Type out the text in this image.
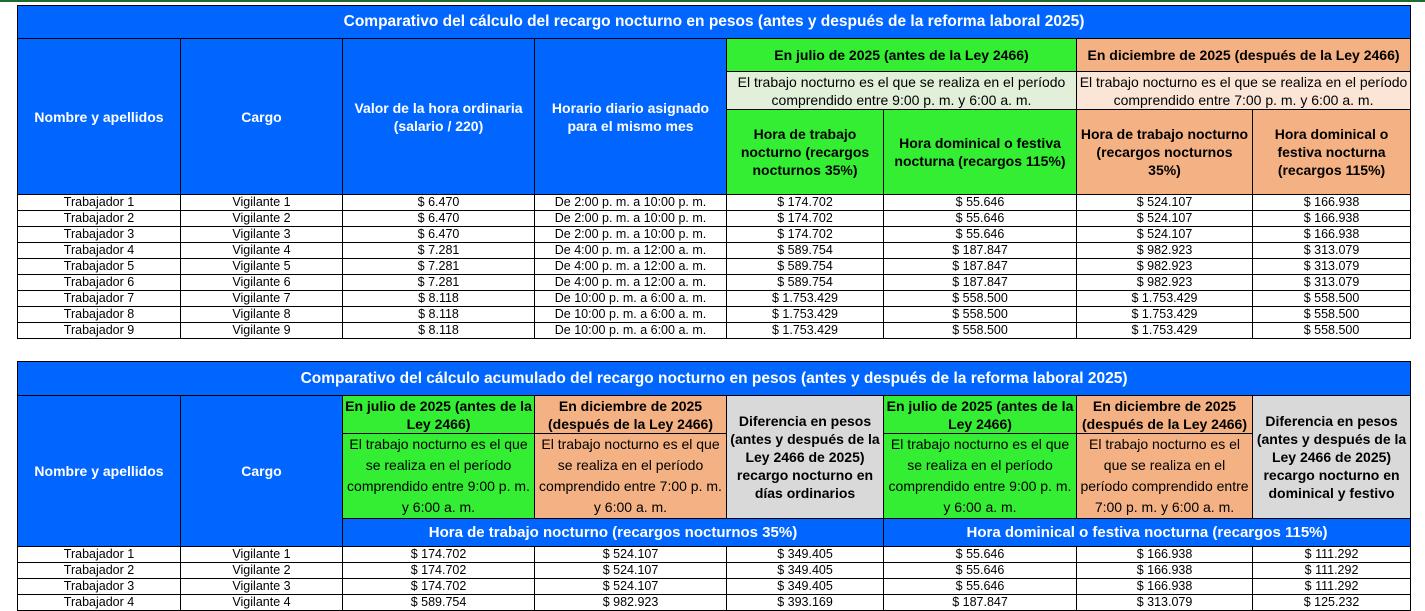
Comparativo del cálculo del recargo nocturno en pesos (antes y después de la reforma laboral 2025)							
Nombre y apellidos	Cargo	Valor de la hora ordinaria (salario / 220)	Horario diario asignado para el mismo mes	En julio de 2025 (antes de la Ley 2466)		En diciembre de 2025 (después de la Ley 2466)	
				El trabajo nocturno es el que se realiza en el período comprendido entre 9:00 p. m. y 6:00 a. m.		El trabajo nocturno es el que se realiza en el período comprendido entre 7:00 p. m. y 6:00 a. m.	
				Hora de trabajo nocturno (recargos nocturnos 35%)	Hora dominical o festiva nocturna (recargos 115%)	Hora de trabajo nocturno (recargos nocturnos 35%)	Hora dominical o festiva nocturna (recargos 115%)

Trabajador 1	Vigilante 1	$ 6.470	De 2:00 p. m. a 10:00 p. m.	$ 174.702	$ 55.646	$ 524.107	$ 166.938
Trabajador 2	Vigilante 2	$ 6.470	De 2:00 p. m. a 10:00 p. m.	$ 174.702	$ 55.646	$ 524.107	$ 166.938
Trabajador 3	Vigilante 3	$ 6.470	De 2:00 p. m. a 10:00 p. m.	$ 174.702	$ 55.646	$ 524.107	$ 166.938
Trabajador 4	Vigilante 4	$ 7.281	De 4:00 p. m. a 12:00 a. m.	$ 589.754	$ 187.847	$ 982.923	$ 313.079
Trabajador 5	Vigilante 5	$ 7.281	De 4:00 p. m. a 12:00 a. m.	$ 589.754	$ 187.847	$ 982.923	$ 313.079
Trabajador 6	Vigilante 6	$ 7.281	De 4:00 p. m. a 12:00 a. m.	$ 589.754	$ 187.847	$ 982.923	$ 313.079
Trabajador 7	Vigilante 7	$ 8.118	De 10:00 p. m. a 6:00 a. m.	$ 1.753.429	$ 558.500	$ 1.753.429	$ 558.500
Trabajador 8	Vigilante 8	$ 8.118	De 10:00 p. m. a 6:00 a. m.	$ 1.753.429	$ 558.500	$ 1.753.429	$ 558.500
Trabajador 9	Vigilante 9	$ 8.118	De 10:00 p. m. a 6:00 a. m.	$ 1.753.429	$ 558.500	$ 1.753.429	$ 558.500
Comparativo del cálculo acumulado del recargo nocturno en pesos (antes y después de la reforma laboral 2025)							
Nombre y apellidos	Cargo	En julio de 2025 (antes de la Ley 2466)	En diciembre de 2025 (después de la Ley 2466)	Diferencia en pesos (antes y después de la Ley 2466 de 2025) recargo nocturno en días ordinarios	En julio de 2025 (antes de la Ley 2466)	En diciembre de 2025 (después de la Ley 2466)	Diferencia en pesos (antes y después de la Ley 2466 de 2025) recargo nocturno en dominical y festivo
		El trabajo nocturno es el que se realiza en el período comprendido entre 9:00 p. m. y 6:00 a. m.	El trabajo nocturno es el que se realiza en el período comprendido entre 7:00 p. m. y 6:00 a. m.		El trabajo nocturno es el que se realiza en el período comprendido entre 9:00 p. m. y 6:00 a. m.	El trabajo nocturno es el que se realiza en el período comprendido entre 7:00 p. m. y 6:00 a. m.	
		Hora de trabajo nocturno (recargos nocturnos 35%)			Hora dominical o festiva nocturna (recargos 115%)		
Trabajador 1	Vigilante 1	$ 174.702	$ 524.107	$ 349.405	$ 55.646	$ 166.938	$ 111.292
Trabajador 2	Vigilante 2	$ 174.702	$ 524.107	$ 349.405	$ 55.646	$ 166.938	$ 111.292
Trabajador 3	Vigilante 3	$ 174.702	$ 524.107	$ 349.405	$ 55.646	$ 166.938	$ 111.292
Trabajador 4	Vigilante 4	$ 589.754	$ 982.923	$ 393.169	$ 187.847	$ 313.079	$ 125.232
